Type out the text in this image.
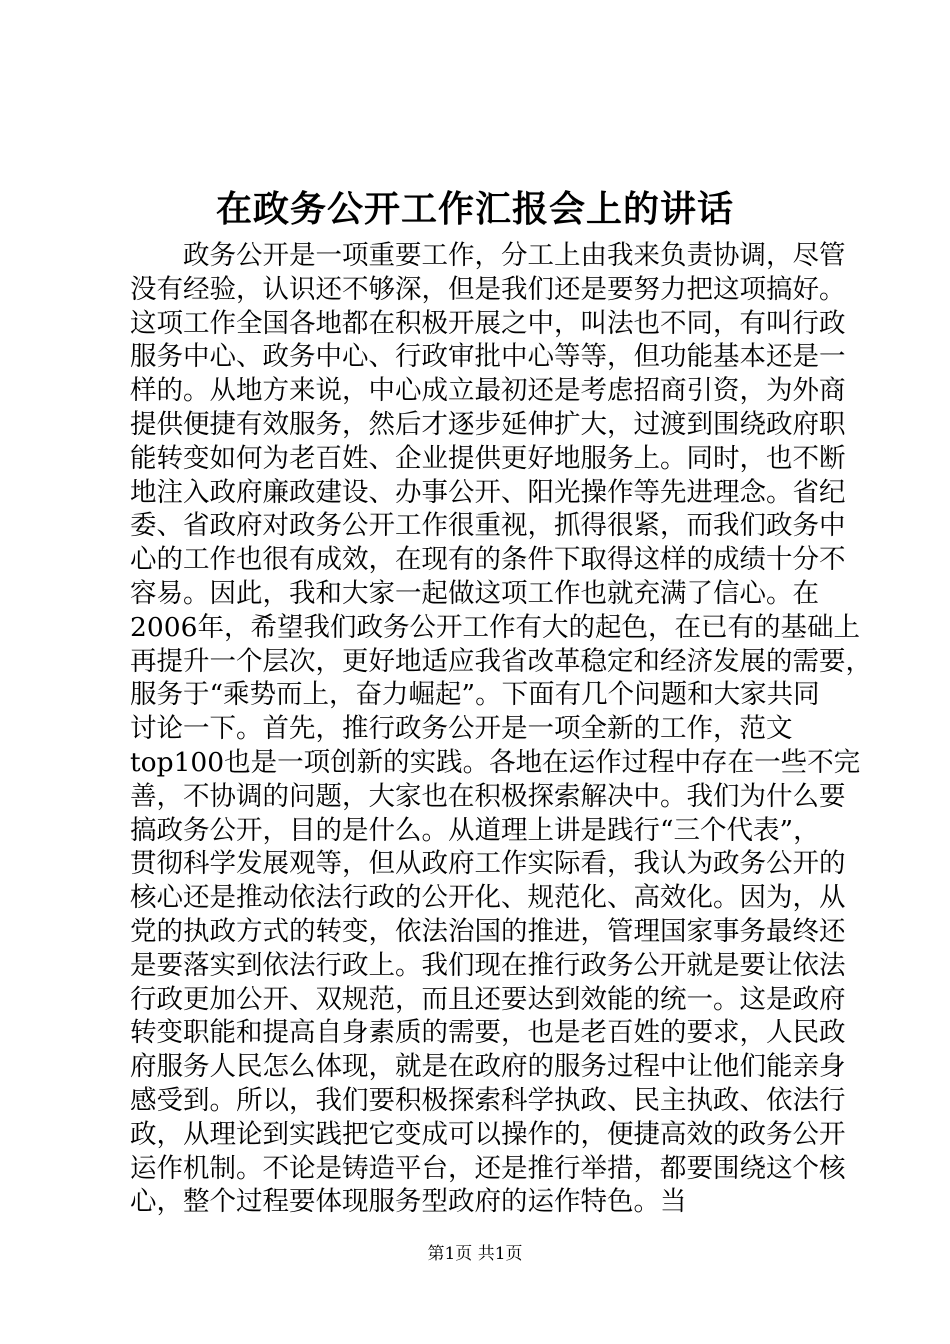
在政务公开工作汇报会上的讲话
　　政务公开是一项重要工作，分工上由我来负责协调，尽管
没有经验，认识还不够深，但是我们还是要努力把这项搞好。
这项工作全国各地都在积极开展之中，叫法也不同，有叫行政
服务中心、政务中心、行政审批中心等等，但功能基本还是一
样的。从地方来说，中心成立最初还是考虑招商引资，为外商
提供便捷有效服务，然后才逐步延伸扩大，过渡到围绕政府职
能转变如何为老百姓、企业提供更好地服务上。同时，也不断
地注入政府廉政建设、办事公开、阳光操作等先进理念。省纪
委、省政府对政务公开工作很重视，抓得很紧，而我们政务中
心的工作也很有成效，在现有的条件下取得这样的成绩十分不
容易。因此，我和大家一起做这项工作也就充满了信心。在
2006年，希望我们政务公开工作有大的起色，在已有的基础上
再提升一个层次，更好地适应我省改革稳定和经济发展的需要，
服务于“乘势而上，奋力崛起”。下面有几个问题和大家共同
讨论一下。首先，推行政务公开是一项全新的工作，范文
top100也是一项创新的实践。各地在运作过程中存在一些不完
善，不协调的问题，大家也在积极探索解决中。我们为什么要
搞政务公开，目的是什么。从道理上讲是践行“三个代表”，
贯彻科学发展观等，但从政府工作实际看，我认为政务公开的
核心还是推动依法行政的公开化、规范化、高效化。因为，从
党的执政方式的转变，依法治国的推进，管理国家事务最终还
是要落实到依法行政上。我们现在推行政务公开就是要让依法
行政更加公开、双规范，而且还要达到效能的统一。这是政府
转变职能和提高自身素质的需要，也是老百姓的要求，人民政
府服务人民怎么体现，就是在政府的服务过程中让他们能亲身
感受到。所以，我们要积极探索科学执政、民主执政、依法行
政，从理论到实践把它变成可以操作的，便捷高效的政务公开
运作机制。不论是铸造平台，还是推行举措，都要围绕这个核
心，整个过程要体现服务型政府的运作特色。当
第1页 共1页
